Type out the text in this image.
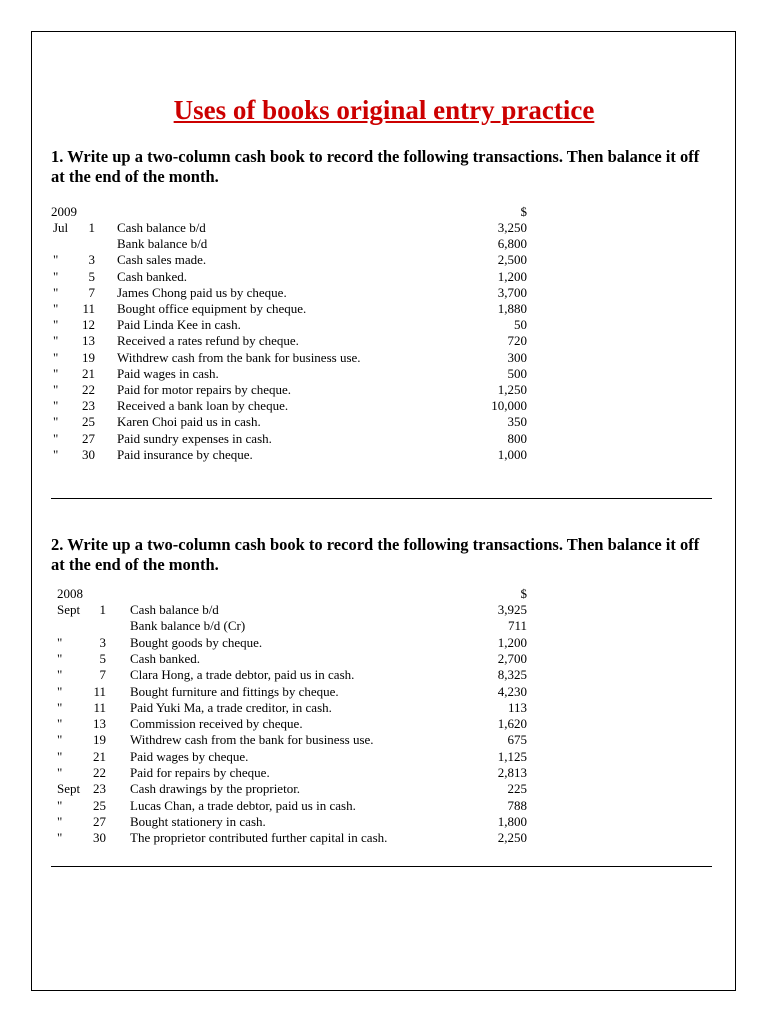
Uses of books original entry practice
1. Write up a two-column cash book to record the following transactions. Then balance it off at the end of the month.
2009	$
Jul	1 Cash balance b/d	3,250
Bank balance b/d	6,800
"	3 Cash sales made.	2,500
"	5 Cash banked.	1,200
"	7 James Chong paid us by cheque.	3,700
"	11 Bought office equipment by cheque.	1,880
"	12 Paid Linda Kee in cash.	50
"	13 Received a rates refund by cheque.	720
"	19 Withdrew cash from the bank for business use.	300
"	21 Paid wages in cash.	500
"	22 Paid for motor repairs by cheque.	1,250
"	23 Received a bank loan by cheque.	10,000
"	25 Karen Choi paid us in cash.	350
"	27 Paid sundry expenses in cash.	800
"	30 Paid insurance by cheque.	1,000
2. Write up a two-column cash book to record the following transactions. Then balance it off at the end of the month.
2008	$
Sept	1 Cash balance b/d	3,925
Bank balance b/d (Cr)	711
"	3 Bought goods by cheque.	1,200
"	5 Cash banked.	2,700
"	7 Clara Hong, a trade debtor, paid us in cash.	8,325
"	11 Bought furniture and fittings by cheque.	4,230
"	11 Paid Yuki Ma, a trade creditor, in cash.	113
"	13 Commission received by cheque.	1,620
"	19 Withdrew cash from the bank for business use.	675
"	21 Paid wages by cheque.	1,125
"	22 Paid for repairs by cheque.	2,813
Sept 23 Cash drawings by the proprietor.	225
"	25 Lucas Chan, a trade debtor, paid us in cash.	788
"	27 Bought stationery in cash.	1,800
"	30 The proprietor contributed further capital in cash.	2,250
